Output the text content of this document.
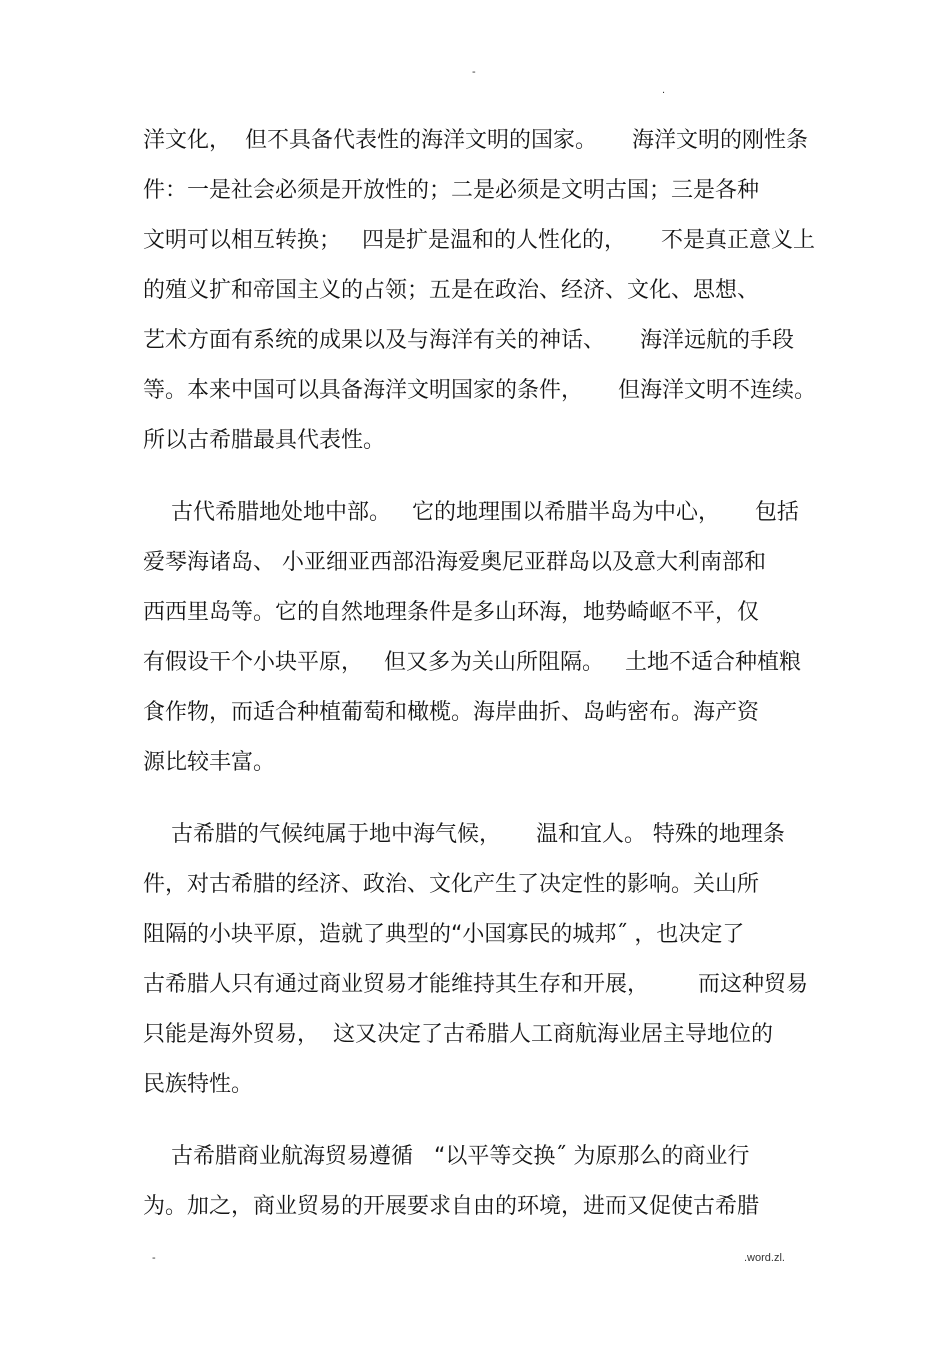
-
.
洋文化，  但不具备代表性的海洋文明的国家。     海洋文明的刚性条
件：一是社会必须是开放性的；二是必须是文明古国；三是各种
文明可以相互转换；   四是扩是温和的人性化的，     不是真正意义上
的殖义扩和帝国主义的占领；五是在政治、经济、文化、思想、
艺术方面有系统的成果以及与海洋有关的神话、     海洋远航的手段
等。本来中国可以具备海洋文明国家的条件，     但海洋文明不连续。
所以古希腊最具代表性。
古代希腊地处地中部。   它的地理围以希腊半岛为中心，     包括
爱琴海诸岛、 小亚细亚西部沿海爱奥尼亚群岛以及意大利南部和
西西里岛等。它的自然地理条件是多山环海，地势崎岖不平，仅
有假设干个小块平原，   但又多为关山所阻隔。   土地不适合种植粮
食作物，而适合种植葡萄和橄榄。海岸曲折、岛屿密布。海产资
源比较丰富。
古希腊的气候纯属于地中海气候，     温和宜人。 特殊的地理条
件，对古希腊的经济、政治、文化产生了决定性的影响。关山所
阻隔的小块平原，造就了典型的“小国寡民的城邦˝ ，也决定了
古希腊人只有通过商业贸易才能维持其生存和开展，       而这种贸易
只能是海外贸易，  这又决定了古希腊人工商航海业居主导地位的
民族特性。
古希腊商业航海贸易遵循   “以平等交换˝ 为原那么的商业行
为。加之，商业贸易的开展要求自由的环境，进而又促使古希腊
-	.word.zl.
